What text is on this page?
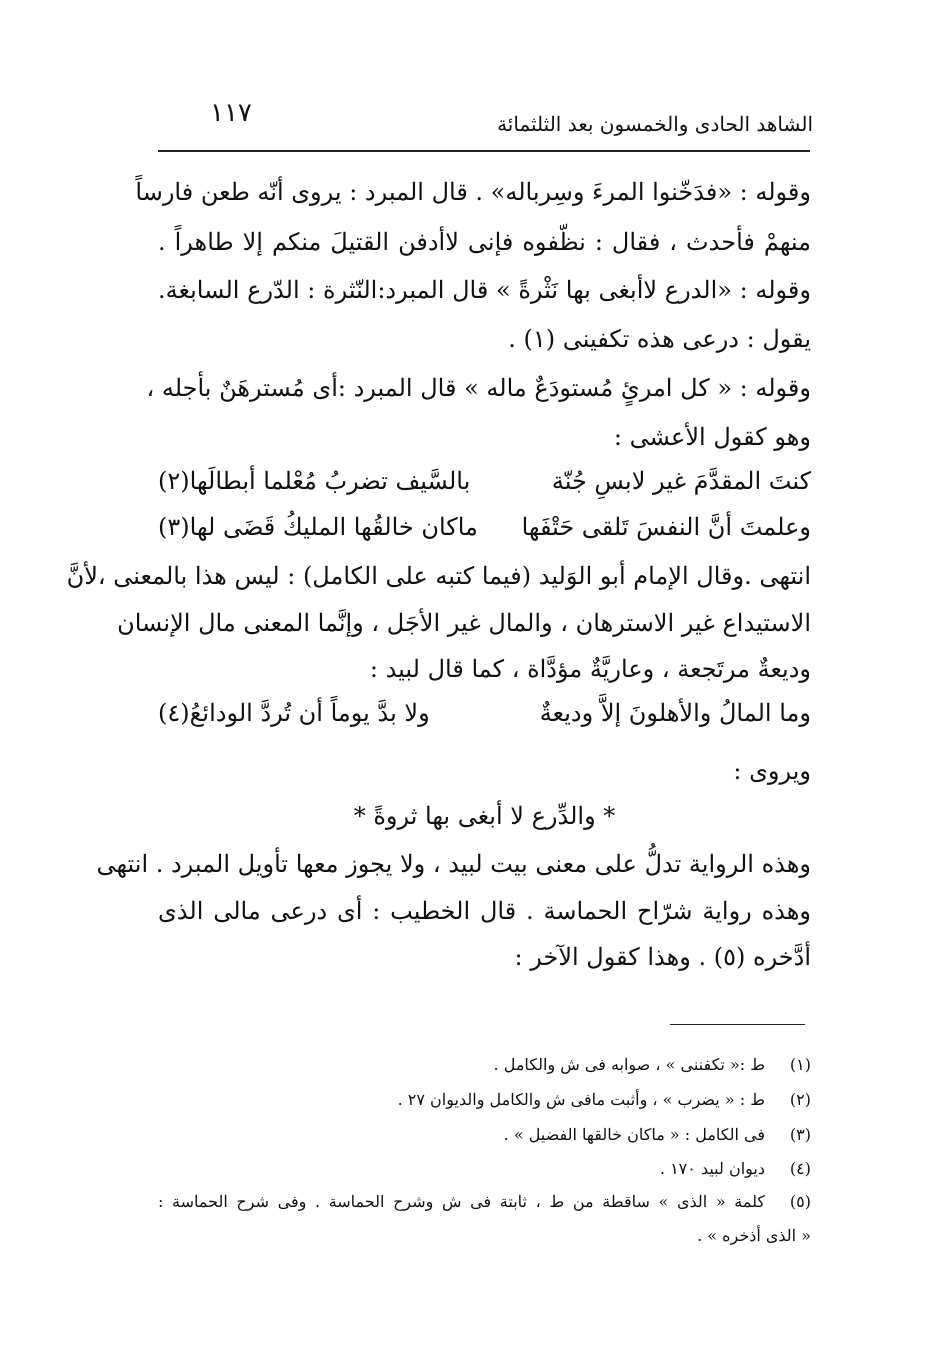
الشاهد الحادى والخمسون بعد الثلثمائة
١١٧
وقوله : «فدَخّنوا المرءَ وسِرباله» . قال المبرد : يروى أنّه طعن فارساً
منهمْ فأحدث ، فقال : نظّفوه فإنى لاأدفن القتيلَ منكم إلا طاهراً .
وقوله : «الدرع لاأبغى بها نَثْرةً » قال المبرد:النّثرة : الدّرع السابغة.
يقول : درعى هذه تكفينى (١) .
وقوله : « كل امرئٍ مُستودَعٌ ماله » قال المبرد :أى مُسترهَنٌ بأجله ،
وهو كقول الأعشى :
كنتَ المقدَّمَ غير لابسِ جُنّة
بالسَّيف تضربُ مُعْلما أبطالَها(٢)
وعلمتَ أنَّ النفسَ تَلقى حَتْفَها
ماكان خالقُها المليكُ قَضَى لها(٣)
انتهى .وقال الإمام أبو الوَليد (فيما كتبه على الكامل) : ليس هذا بالمعنى ،لأنَّ
الاستيداع غير الاسترهان ، والمال غير الأجَل ، وإنَّما المعنى مال الإنسان
وديعةٌ مرتَجعة ، وعاريَّةٌ مؤدَّاة ، كما قال لبيد :
وما المالُ والأهلونَ إلاَّ وديعةٌ
ولا بدَّ يوماً أن تُردَّ الودائعُ(٤)
ويروى :
* والدِّرع لا أبغى بها ثروةً *
وهذه الرواية تدلُّ على معنى بيت لبيد ، ولا يجوز معها تأويل المبرد . انتهى
وهذه رواية شرّاح الحماسة . قال الخطيب : أى درعى مالى الذى
أدَّخره (٥) . وهذا كقول الآخر :
(١)
ط :« تكفننى » ، صوابه فى ش والكامل .
(٢)
ط : « يضرب » ، وأثبت مافى ش والكامل والديوان ٢٧ .
(٣)
فى الكامل : « ماكان خالقها الفضيل » .
(٤)
ديوان لبيد ١٧٠ .
(٥)
كلمة « الذى » ساقطة من ط ، ثابتة فى ش وشرح الحماسة . وفى شرح الحماسة :
« الذى أذخره » .
